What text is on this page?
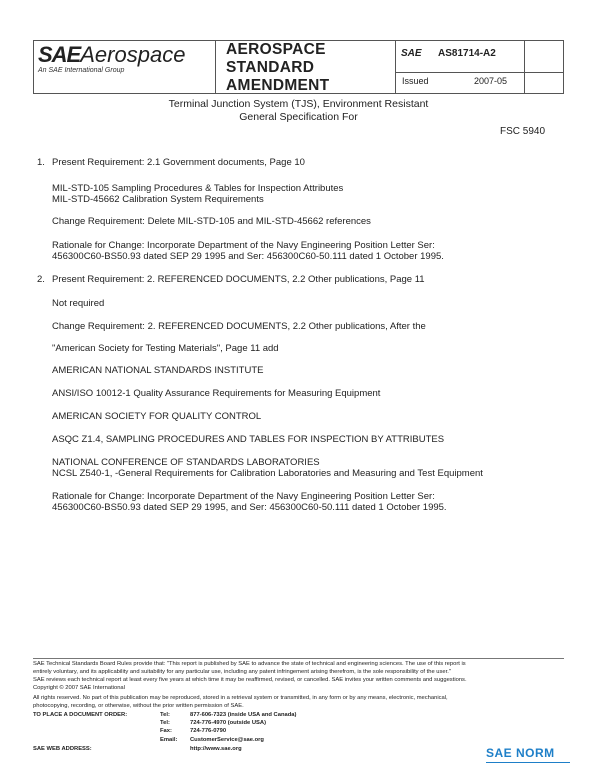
SAEAerospace
An SAE International Group
AEROSPACE
STANDARD
AMENDMENT
SAE AS81714-A2
Issued	2007-05
Terminal Junction System (TJS), Environment Resistant
General Specification For
FSC 5940
1. Present Requirement: 2.1 Government documents, Page 10
MIL-STD-105 Sampling Procedures & Tables for Inspection Attributes
MIL-STD-45662 Calibration System Requirements
Change Requirement: Delete MIL-STD-105 and MIL-STD-45662 references
Rationale for Change: Incorporate Department of the Navy Engineering Position Letter Ser:
456300C60-BS50.93 dated SEP 29 1995 and Ser: 456300C60-50.111 dated 1 October 1995.
2. Present Requirement: 2. REFERENCED DOCUMENTS, 2.2 Other publications, Page 11
Not required
Change Requirement: 2. REFERENCED DOCUMENTS, 2.2 Other publications, After the
"American Society for Testing Materials", Page 11 add
AMERICAN NATIONAL STANDARDS INSTITUTE
ANSI/ISO 10012-1 Quality Assurance Requirements for Measuring Equipment
AMERICAN SOCIETY FOR QUALITY CONTROL
ASQC Z1.4, SAMPLING PROCEDURES AND TABLES FOR INSPECTION BY ATTRIBUTES
NATIONAL CONFERENCE OF STANDARDS LABORATORIES
NCSL Z540-1, -General Requirements for Calibration Laboratories and Measuring and Test Equipment
Rationale for Change: Incorporate Department of the Navy Engineering Position Letter Ser:
456300C60-BS50.93 dated SEP 29 1995, and Ser: 456300C60-50.111 dated 1 October 1995.
SAE Technical Standards Board Rules provide that: "This report is published by SAE to advance the state of technical and engineering sciences. The use of this report is
entirely voluntary, and its applicability and suitability for any particular use, including any patent infringement arising therefrom, is the sole responsibility of the user."
SAE reviews each technical report at least every five years at which time it may be reaffirmed, revised, or cancelled. SAE invites your written comments and suggestions.
Copyright © 2007 SAE International
All rights reserved. No part of this publication may be reproduced, stored in a retrieval system or transmitted, in any form or by any means, electronic, mechanical,
photocopying, recording, or otherwise, without the prior written permission of SAE.
TO PLACE A DOCUMENT ORDER:	Tel:	877-606-7323 (inside USA and Canada)
Tel:	724-776-4970 (outside USA)
Fax:	724-776-0790
Email: CustomerService@sae.org
SAE WEB ADDRESS:	http://www.sae.org	SAE NORM
